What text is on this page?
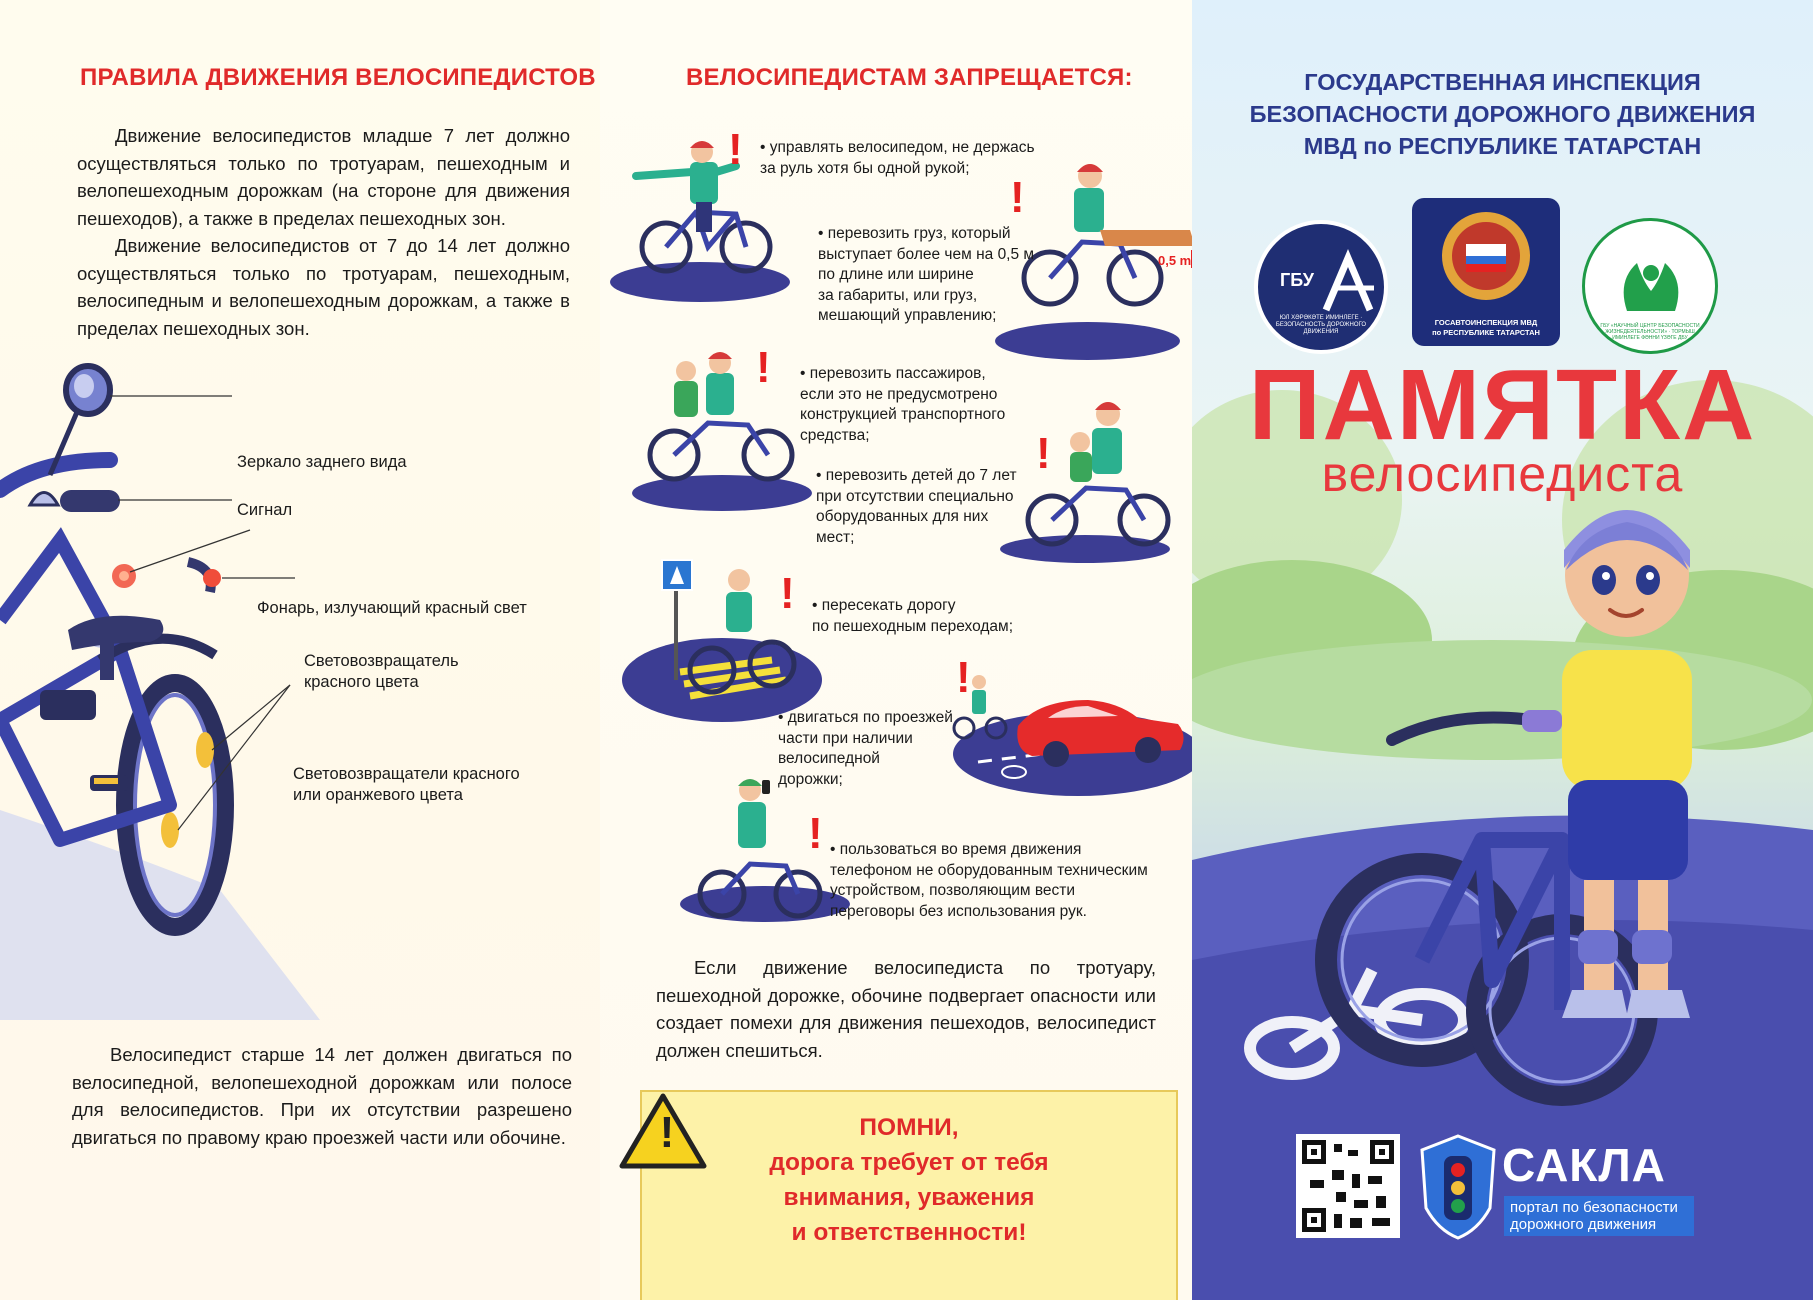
ПРАВИЛА ДВИЖЕНИЯ ВЕЛОСИПЕДИСТОВ

Движение велосипедистов младше 7 лет должно осуществляться только по тротуарам, пешеходным и велопешеходным дорожкам (на стороне для движения пешеходов), а также в пределах пешеходных зон.

Движение велосипедистов от 7 до 14 лет должно осуществляться только по тротуарам, пешеходным, велосипедным и велопешеходным дорожкам, а также в пределах пешеходных зон.

Зеркало заднего вида
Сигнал
Фонарь, излучающий красный свет
Световозвращатель
красного цвета
Световозвращатели красного
или оранжевого цвета

Велосипедист старше 14 лет должен двигаться по велосипедной, велопешеходной дорожкам или полосе для велосипедистов. При их отсутствии разрешено двигаться по правому краю проезжей части или обочине.

ВЕЛОСИПЕДИСТАМ ЗАПРЕЩАЕТСЯ:
! • управлять велосипедом, не держась
за руль хотя бы одной рукой;
0,5 m
!
• перевозить груз, который
выступает более чем на 0,5 м
по длине или ширине
за габариты, или груз,
мешающий управлению;
! • перевозить пассажиров,
если это не предусмотрено
конструкцией транспортного
средства;	!
• перевозить детей до 7 лет
при отсутствии специально
оборудованных для них
мест;
! • пересекать дорогу
по пешеходным переходам;
!
• двигаться по проезжей
части при наличии
велосипедной
дорожки;
! • пользоваться во время движения
телефоном не оборудованным техническим
устройством, позволяющим вести
переговоры без использования рук.

Если движение велосипедиста по тротуару, пешеходной дорожке, обочине подвергает опасности или создает помехи для движения пешеходов, велосипедист должен спешиться.

ПОМНИ,
дорога требует от тебя
внимания, уважения
и ответственности!
!
ГОСУДАРСТВЕННАЯ ИНСПЕКЦИЯ
БЕЗОПАСНОСТИ ДОРОЖНОГО ДВИЖЕНИЯ
МВД по РЕСПУБЛИКЕ ТАТАРСТАН
ЮЛ ХӘРӘКӘТЕ ИМИНЛЕГЕ · БЕЗОПАСНОСТЬ ДОРОЖНОГО ДВИЖЕНИЯ
ГБУ
ГОСАВТОИНСПЕКЦИЯ МВД
по РЕСПУБЛИКЕ ТАТАРСТАН
ГБУ «НАУЧНЫЙ ЦЕНТР БЕЗОПАСНОСТИ ЖИЗНЕДЕЯТЕЛЬНОСТИ» · ТОРМЫШ ИМИНЛЕГЕ ФӘННИ ҮЗӘГЕ ДБУ
ПАМЯТКА
велосипедиста
САКЛА
портал по безопасности
дорожного движения
